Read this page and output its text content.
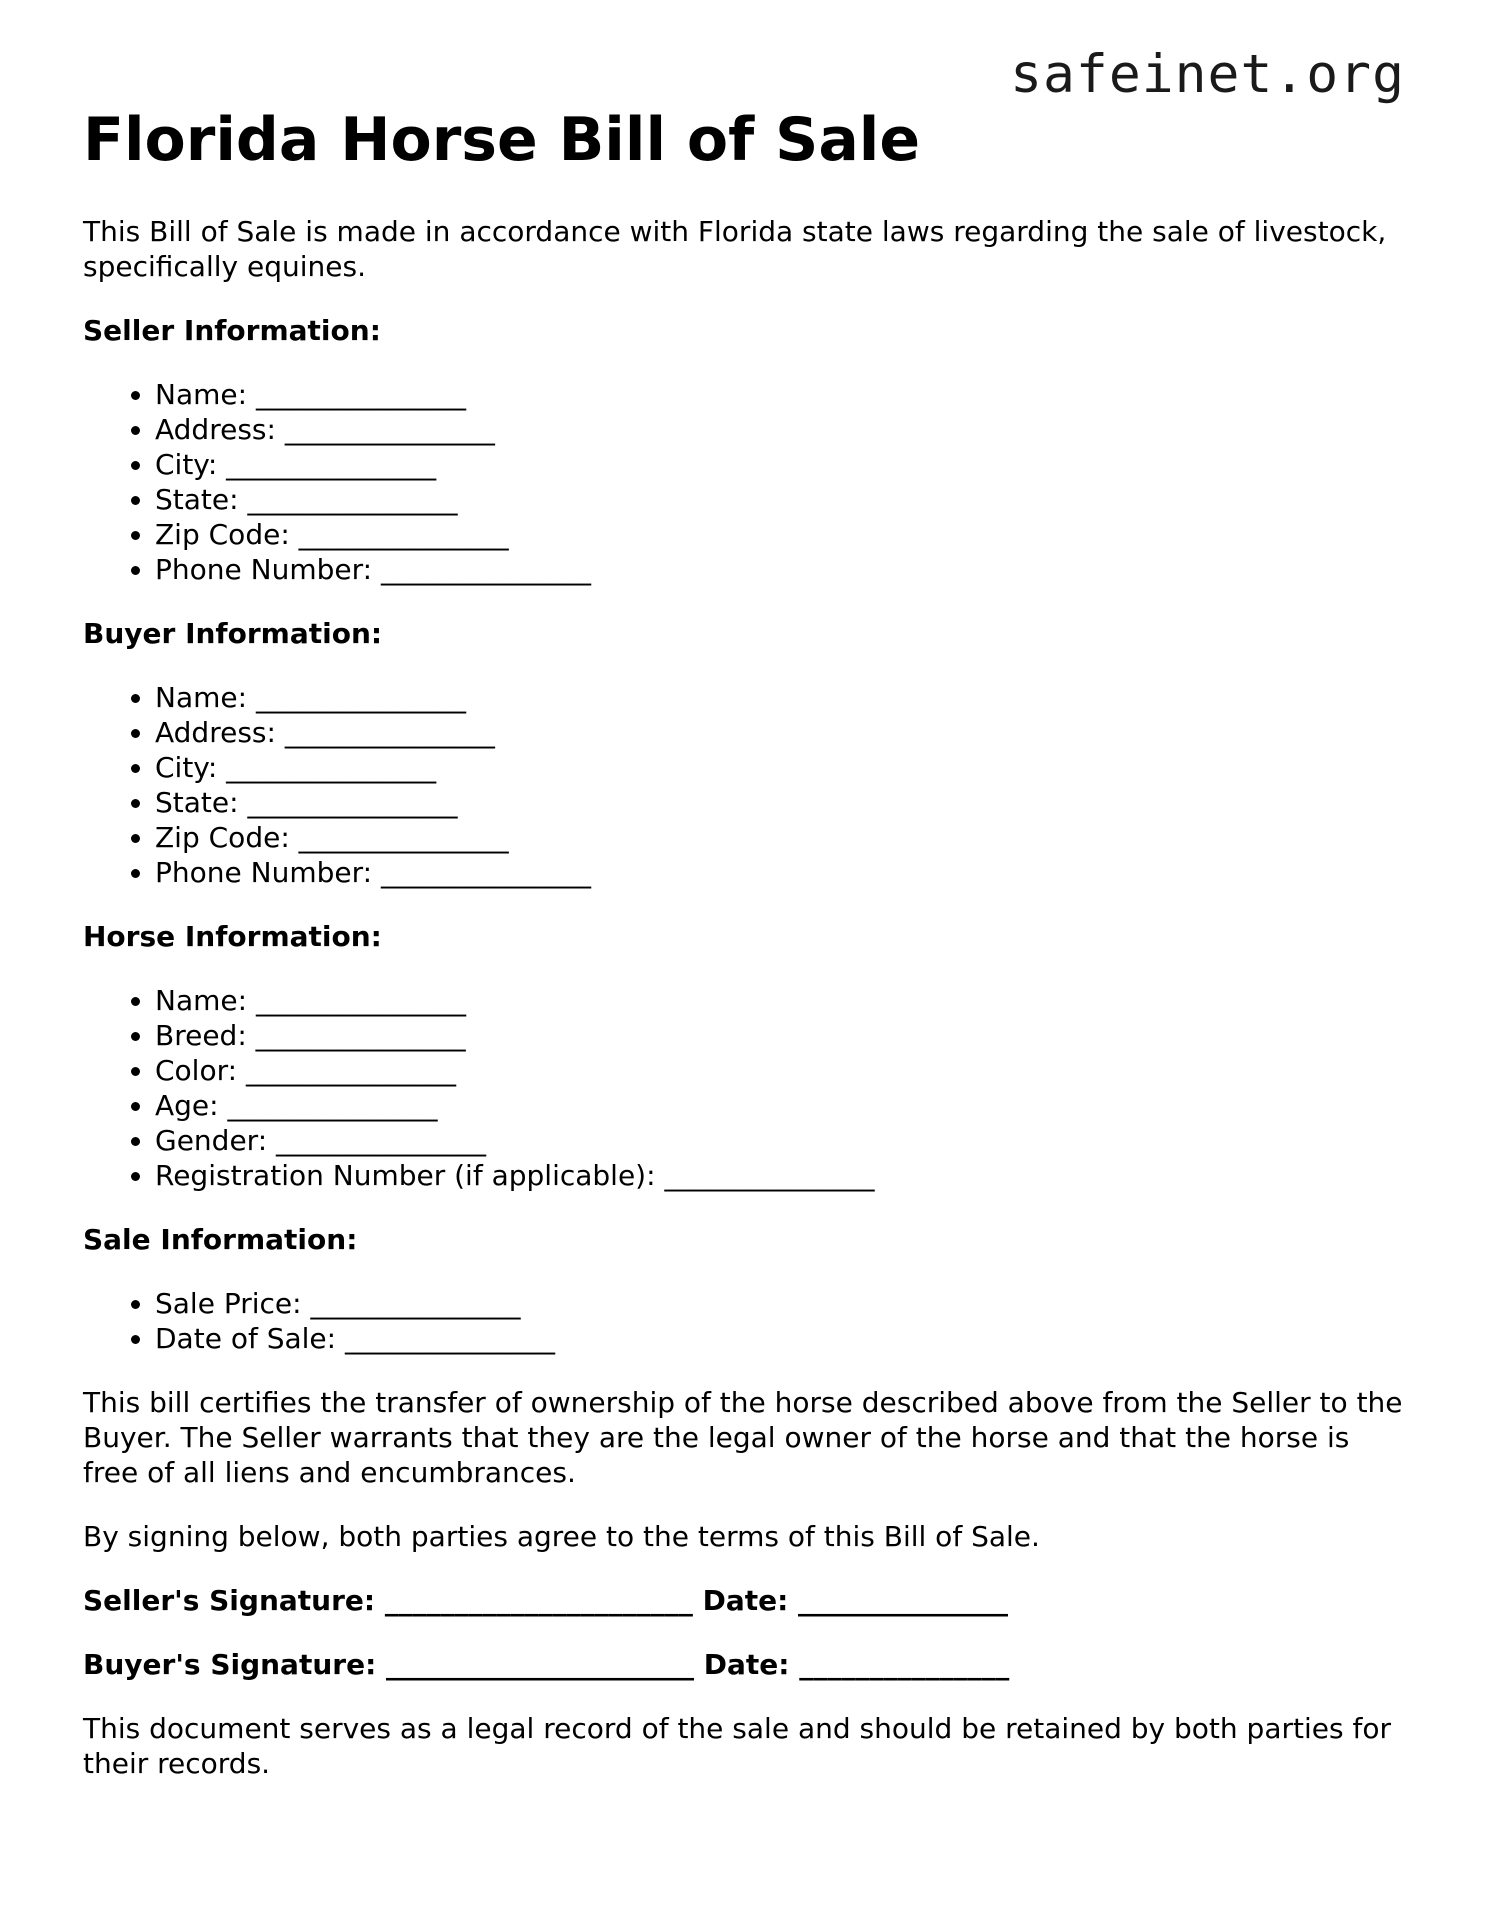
safeinet.org
Florida Horse Bill of Sale

This Bill of Sale is made in accordance with Florida state laws regarding the sale of livestock, specifically equines.

Seller Information:

• Name: _______________
• Address: _______________
• City: _______________
• State: _______________
• Zip Code: _______________
• Phone Number: _______________

Buyer Information:

• Name: _______________
• Address: _______________
• City: _______________
• State: _______________
• Zip Code: _______________
• Phone Number: _______________

Horse Information:

• Name: _______________
• Breed: _______________
• Color: _______________
• Age: _______________
• Gender: _______________
• Registration Number (if applicable): _______________

Sale Information:

• Sale Price: _______________
• Date of Sale: _______________

This bill certifies the transfer of ownership of the horse described above from the Seller to the Buyer. The Seller warrants that they are the legal owner of the horse and that the horse is free of all liens and encumbrances.

By signing below, both parties agree to the terms of this Bill of Sale.

Seller's Signature: ______________________ Date: _______________

Buyer's Signature: ______________________ Date: _______________

This document serves as a legal record of the sale and should be retained by both parties for their records.
